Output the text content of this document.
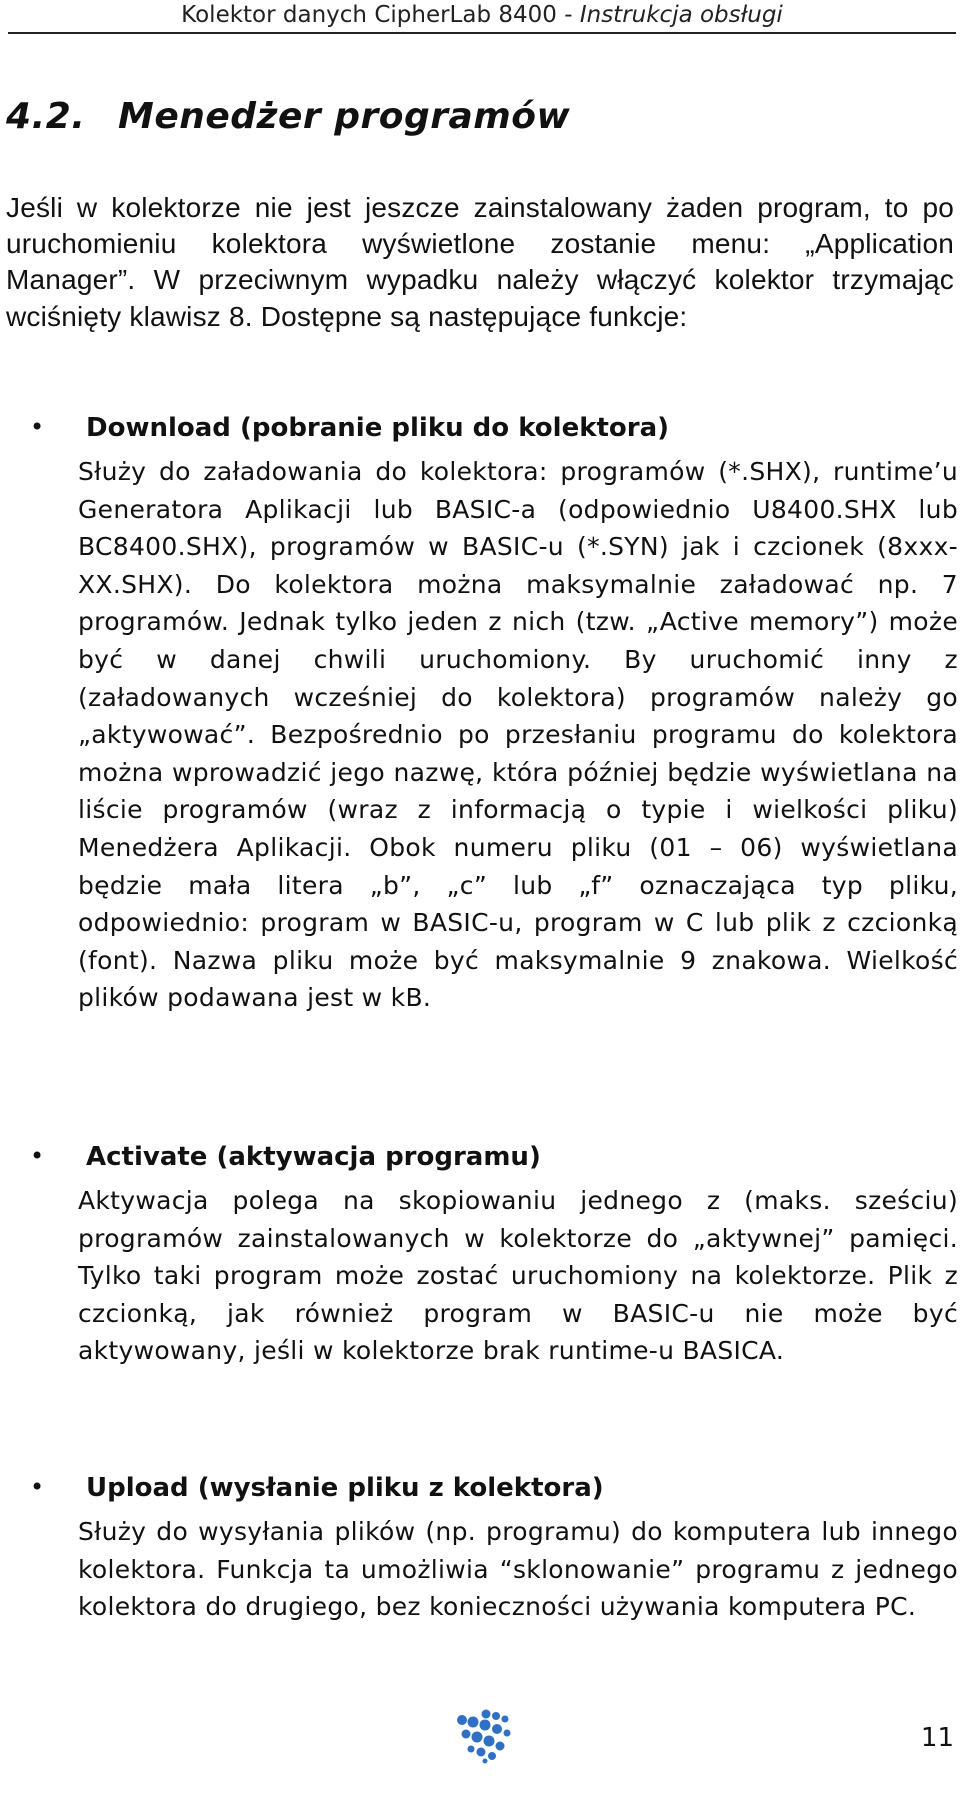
Kolektor danych CipherLab 8400 - Instrukcja obsługi
4.2. Menedżer programów

Jeśli w kolektorze nie jest jeszcze zainstalowany żaden program, to po uruchomieniu kolektora wyświetlone zostanie menu: „Application Manager”. W przeciwnym wypadku należy włączyć kolektor trzymając wciśnięty klawisz 8. Dostępne są następujące funkcje:

• Download (pobranie pliku do kolektora)

Służy do załadowania do kolektora: programów (*.SHX), runtime’u Generatora Aplikacji lub BASIC-a (odpowiednio U8400.SHX lub BC8400.SHX), programów w BASIC-u (*.SYN) jak i czcionek (8xxx-XX.SHX). Do kolektora można maksymalnie załadować np. 7 programów. Jednak tylko jeden z nich (tzw. „Active memory”) może być w danej chwili uruchomiony. By uruchomić inny z (załadowanych wcześniej do kolektora) programów należy go „aktywować”. Bezpośrednio po przesłaniu programu do kolektora można wprowadzić jego nazwę, która później będzie wyświetlana na liście programów (wraz z informacją o typie i wielkości pliku) Menedżera Aplikacji. Obok numeru pliku (01 – 06) wyświetlana będzie mała litera „b”, „c” lub „f” oznaczająca typ pliku, odpowiednio: program w BASIC-u, program w C lub plik z czcionką (font). Nazwa pliku może być maksymalnie 9 znakowa. Wielkość plików podawana jest w kB.

• Activate (aktywacja programu)

Aktywacja polega na skopiowaniu jednego z (maks. sześciu) programów zainstalowanych w kolektorze do „aktywnej” pamięci. Tylko taki program może zostać uruchomiony na kolektorze. Plik z czcionką, jak również program w BASIC-u nie może być aktywowany, jeśli w kolektorze brak runtime-u BASICA.

• Upload (wysłanie pliku z kolektora)

Służy do wysyłania plików (np. programu) do komputera lub innego kolektora. Funkcja ta umożliwia “sklonowanie” programu z jednego kolektora do drugiego, bez konieczności używania komputera PC.

11
